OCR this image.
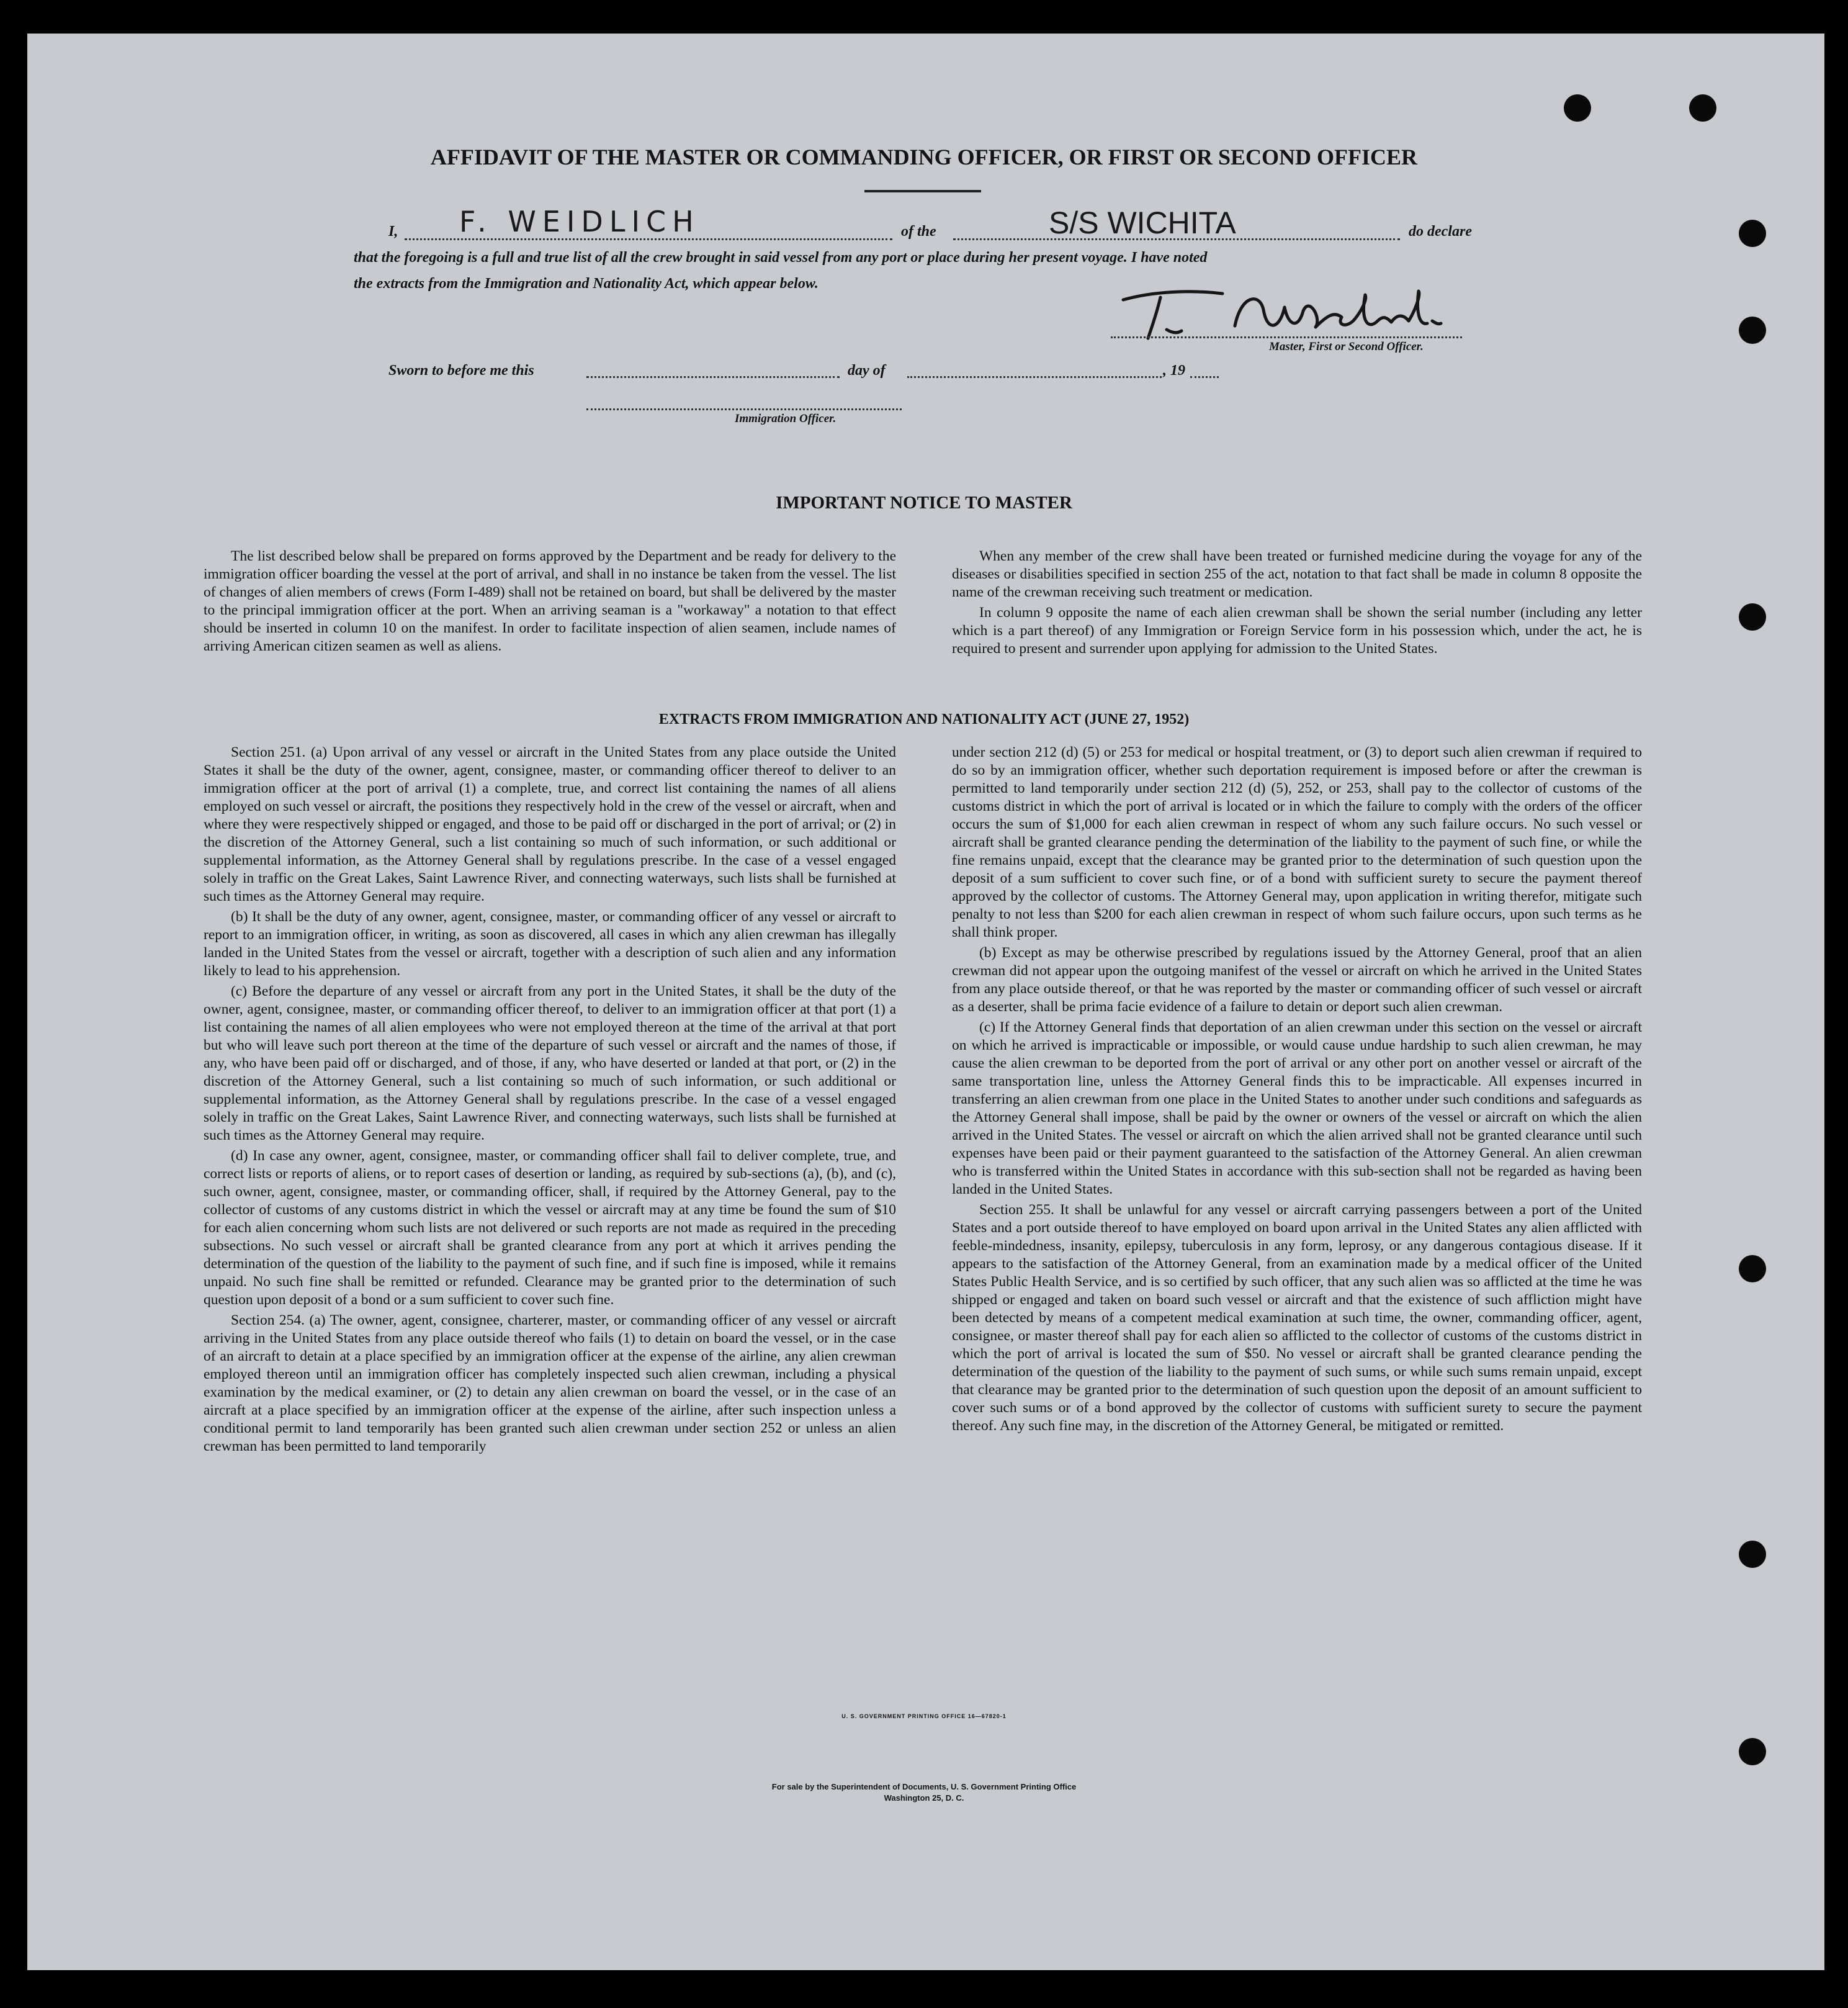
AFFIDAVIT OF THE MASTER OR COMMANDING OFFICER, OR FIRST OR SECOND OFFICER
I, F. WEIDLICH	of the	S/S WICHITA	do declare
that the foregoing is a full and true list of all the crew brought in said vessel from any port or place during her present voyage. I have noted
the extracts from the Immigration and Nationality Act, which appear below.
Master, First or Second Officer.
Sworn to before me this	day of	, 19
Immigration Officer.
IMPORTANT NOTICE TO MASTER

The list described below shall be prepared on forms approved by the Department and be ready for delivery to the immigration officer boarding the vessel at the port of arrival, and shall in no instance be taken from the vessel. The list of changes of alien members of crews (Form I-489) shall not be retained on board, but shall be delivered by the master to the principal immigration officer at the port. When an arriving seaman is a "workaway" a notation to that effect should be inserted in column 10 on the manifest. In order to facilitate inspection of alien seamen, include names of arriving American citizen seamen as well as aliens.

When any member of the crew shall have been treated or furnished medicine during the voyage for any of the diseases or disabilities specified in section 255 of the act, notation to that fact shall be made in column 8 opposite the name of the crewman receiving such treatment or medication.

In column 9 opposite the name of each alien crewman shall be shown the serial number (including any letter which is a part thereof) of any Immigration or Foreign Service form in his possession which, under the act, he is required to present and surrender upon applying for admission to the United States.

EXTRACTS FROM IMMIGRATION AND NATIONALITY ACT (JUNE 27, 1952)

Section 251. (a) Upon arrival of any vessel or aircraft in the United States from any place outside the United States it shall be the duty of the owner, agent, consignee, master, or commanding officer thereof to deliver to an immigration officer at the port of arrival (1) a complete, true, and correct list containing the names of all aliens employed on such vessel or aircraft, the positions they respectively hold in the crew of the vessel or aircraft, when and where they were respectively shipped or engaged, and those to be paid off or discharged in the port of arrival; or (2) in the discretion of the Attorney General, such a list containing so much of such information, or such additional or supplemental information, as the Attorney General shall by regulations prescribe. In the case of a vessel engaged solely in traffic on the Great Lakes, Saint Lawrence River, and connecting waterways, such lists shall be furnished at such times as the Attorney General may require.

(b) It shall be the duty of any owner, agent, consignee, master, or commanding officer of any vessel or aircraft to report to an immigration officer, in writing, as soon as discovered, all cases in which any alien crewman has illegally landed in the United States from the vessel or aircraft, together with a description of such alien and any information likely to lead to his apprehension.

(c) Before the departure of any vessel or aircraft from any port in the United States, it shall be the duty of the owner, agent, consignee, master, or commanding officer thereof, to deliver to an immigration officer at that port (1) a list containing the names of all alien employees who were not employed thereon at the time of the arrival at that port but who will leave such port thereon at the time of the departure of such vessel or aircraft and the names of those, if any, who have been paid off or discharged, and of those, if any, who have deserted or landed at that port, or (2) in the discretion of the Attorney General, such a list containing so much of such information, or such additional or supplemental information, as the Attorney General shall by regulations prescribe. In the case of a vessel engaged solely in traffic on the Great Lakes, Saint Lawrence River, and connecting waterways, such lists shall be furnished at such times as the Attorney General may require.

(d) In case any owner, agent, consignee, master, or commanding officer shall fail to deliver complete, true, and correct lists or reports of aliens, or to report cases of desertion or landing, as required by sub-sections (a), (b), and (c), such owner, agent, consignee, master, or commanding officer, shall, if required by the Attorney General, pay to the collector of customs of any customs district in which the vessel or aircraft may at any time be found the sum of $10 for each alien concerning whom such lists are not delivered or such reports are not made as required in the preceding subsections. No such vessel or aircraft shall be granted clearance from any port at which it arrives pending the determination of the question of the liability to the payment of such fine, and if such fine is imposed, while it remains unpaid. No such fine shall be remitted or refunded. Clearance may be granted prior to the determination of such question upon deposit of a bond or a sum sufficient to cover such fine.

Section 254. (a) The owner, agent, consignee, charterer, master, or commanding officer of any vessel or aircraft arriving in the United States from any place outside thereof who fails (1) to detain on board the vessel, or in the case of an aircraft to detain at a place specified by an immigration officer at the expense of the airline, any alien crewman employed thereon until an immigration officer has completely inspected such alien crewman, including a physical examination by the medical examiner, or (2) to detain any alien crewman on board the vessel, or in the case of an aircraft at a place specified by an immigration officer at the expense of the airline, after such inspection unless a conditional permit to land temporarily has been granted such alien crewman under section 252 or unless an alien crewman has been permitted to land temporarily

under section 212 (d) (5) or 253 for medical or hospital treatment, or (3) to deport such alien crewman if required to do so by an immigration officer, whether such deportation requirement is imposed before or after the crewman is permitted to land temporarily under section 212 (d) (5), 252, or 253, shall pay to the collector of customs of the customs district in which the port of arrival is located or in which the failure to comply with the orders of the officer occurs the sum of $1,000 for each alien crewman in respect of whom any such failure occurs. No such vessel or aircraft shall be granted clearance pending the determination of the liability to the payment of such fine, or while the fine remains unpaid, except that the clearance may be granted prior to the determination of such question upon the deposit of a sum sufficient to cover such fine, or of a bond with sufficient surety to secure the payment thereof approved by the collector of customs. The Attorney General may, upon application in writing therefor, mitigate such penalty to not less than $200 for each alien crewman in respect of whom such failure occurs, upon such terms as he shall think proper.

(b) Except as may be otherwise prescribed by regulations issued by the Attorney General, proof that an alien crewman did not appear upon the outgoing manifest of the vessel or aircraft on which he arrived in the United States from any place outside thereof, or that he was reported by the master or commanding officer of such vessel or aircraft as a deserter, shall be prima facie evidence of a failure to detain or deport such alien crewman.

(c) If the Attorney General finds that deportation of an alien crewman under this section on the vessel or aircraft on which he arrived is impracticable or impossible, or would cause undue hardship to such alien crewman, he may cause the alien crewman to be deported from the port of arrival or any other port on another vessel or aircraft of the same transportation line, unless the Attorney General finds this to be impracticable. All expenses incurred in transferring an alien crewman from one place in the United States to another under such conditions and safeguards as the Attorney General shall impose, shall be paid by the owner or owners of the vessel or aircraft on which the alien arrived in the United States. The vessel or aircraft on which the alien arrived shall not be granted clearance until such expenses have been paid or their payment guaranteed to the satisfaction of the Attorney General. An alien crewman who is transferred within the United States in accordance with this sub-section shall not be regarded as having been landed in the United States.

Section 255. It shall be unlawful for any vessel or aircraft carrying passengers between a port of the United States and a port outside thereof to have employed on board upon arrival in the United States any alien afflicted with feeble-mindedness, insanity, epilepsy, tuberculosis in any form, leprosy, or any dangerous contagious disease. If it appears to the satisfaction of the Attorney General, from an examination made by a medical officer of the United States Public Health Service, and is so certified by such officer, that any such alien was so afflicted at the time he was shipped or engaged and taken on board such vessel or aircraft and that the existence of such affliction might have been detected by means of a competent medical examination at such time, the owner, commanding officer, agent, consignee, or master thereof shall pay for each alien so afflicted to the collector of customs of the customs district in which the port of arrival is located the sum of $50. No vessel or aircraft shall be granted clearance pending the determination of the question of the liability to the payment of such sums, or while such sums remain unpaid, except that clearance may be granted prior to the determination of such question upon the deposit of an amount sufficient to cover such sums or of a bond approved by the collector of customs with sufficient surety to secure the payment thereof. Any such fine may, in the discretion of the Attorney General, be mitigated or remitted.

U. S. GOVERNMENT PRINTING OFFICE 16—67820-1
For sale by the Superintendent of Documents, U. S. Government Printing Office
Washington 25, D. C.
